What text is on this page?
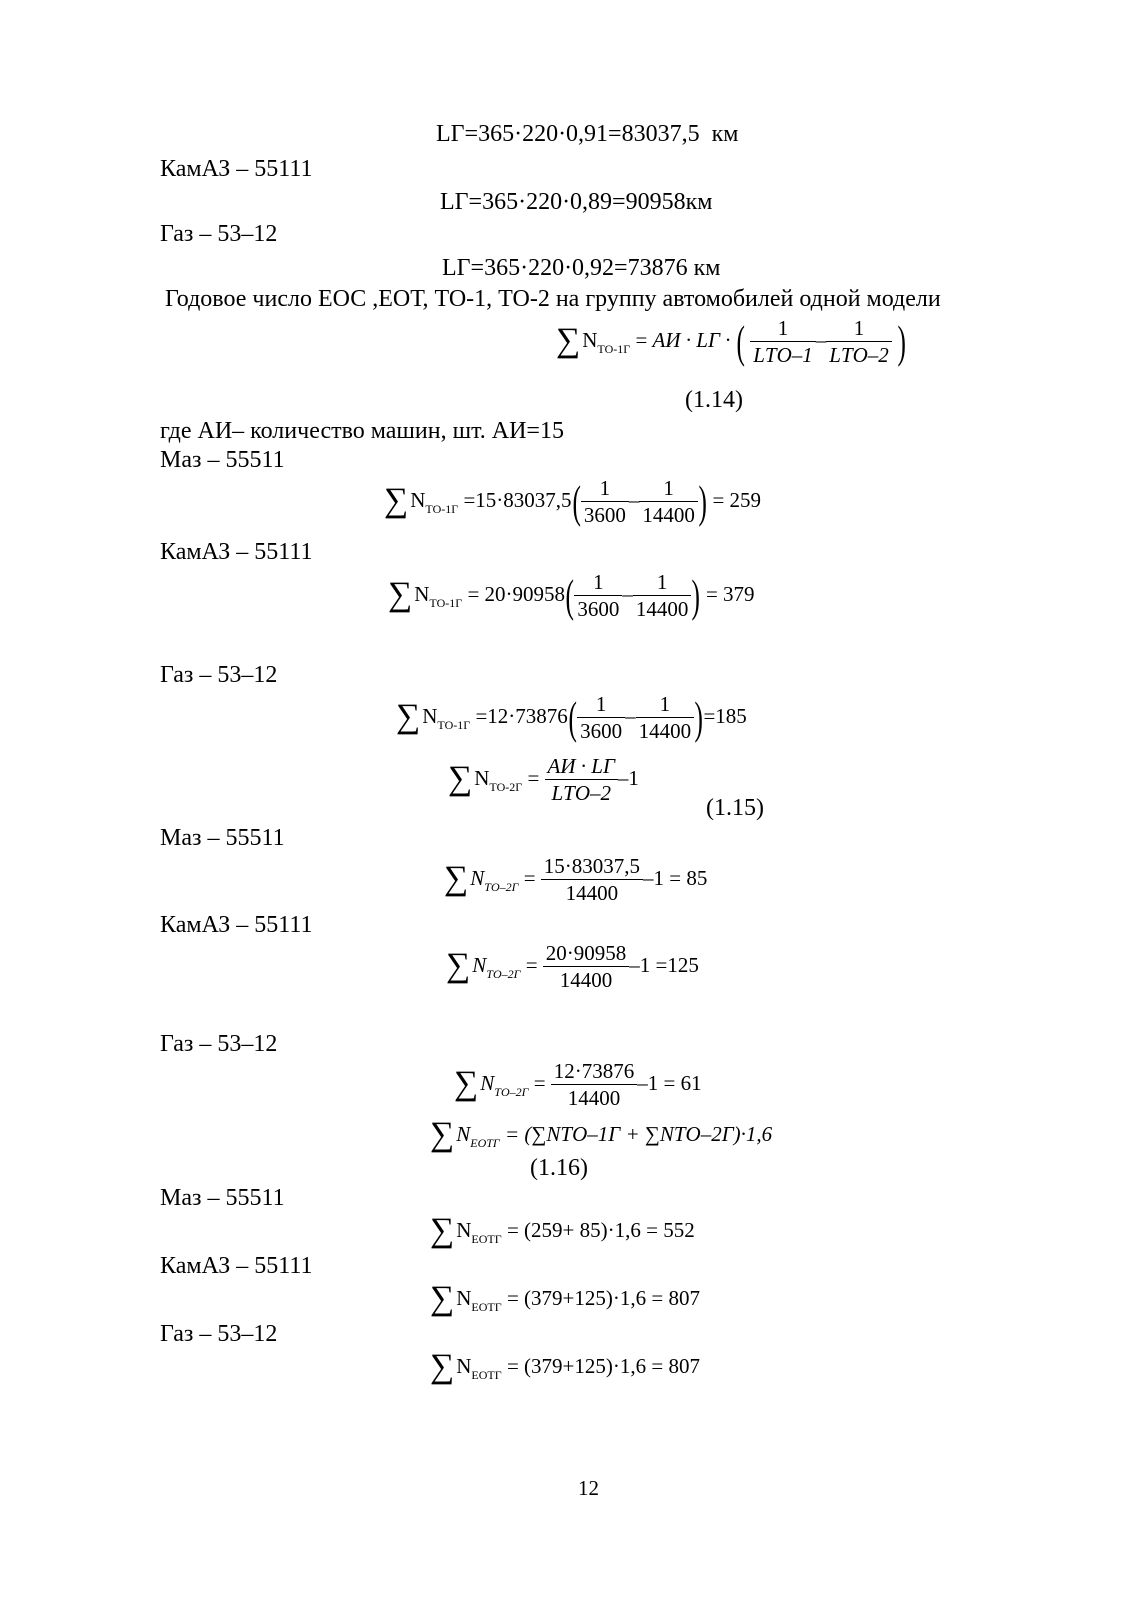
LГ=365·220·0,91=83037,5 км
КамАЗ – 55111
LГ=365·220·0,89=90958км
Газ – 53–12
LГ=365·220·0,92=73876 км
Годовое число ЕОС ,ЕОТ, ТО-1, ТО-2 на группу автомобилей одной модели
$\sum N_{ТО-1Г}$ = AИ · LГ · ( $\frac{1}{\text{LТО–1}} - \frac{1}{\text{LТО–2}}$ )
(1.14)
где АИ– количество машин, шт. АИ=15
Маз – 55511
$\sum N_{ТО-1Г} =15\cdot 83037,5( \frac{1}{3600} - \frac{1}{14400}$ ) = 259
КамАЗ – 55111
$\sum N_{ТО-1Г} = 20\cdot 90958( \frac{1}{3600} - \frac{1}{14400}$ ) = 379
Газ – 53–12
$\sum N_{ТО-1Г} =12\cdot 73876( \frac{1}{3600} - \frac{1}{14400} )=185$
$\sum N_{ТО-2Г} = \frac{AИ \cdot LГ}{\text{LТО–2}} -1$
(1.15)
Маз – 55511
$\sum N_{ТО-2Г} = \frac{15\cdot 83037,5}{14400} -1 = 85$
КамАЗ – 55111
$\sum N_{ТО-2Г} = \frac{20\cdot 90958}{14400} -1 =125$
Газ – 53–12
$\sum N_{ТО-2Г} = \frac{12\cdot 73876}{14400} -1 = 61$
$\sum N_{ЕОТГ} = (\sum NТО-1Г + \sum NТО-2Г)\cdot 1,6$
(1.16)
Маз – 55511
$\sum N_{ЕОТГ} = (259+ 85)\cdot 1,6 = 552$
КамАЗ – 55111
$\sum N_{ЕОТГ} = (379+125)\cdot 1,6 = 807$
Газ – 53–12
$\sum N_{ЕОТГ} = (379+125)\cdot 1,6 = 807$
12
